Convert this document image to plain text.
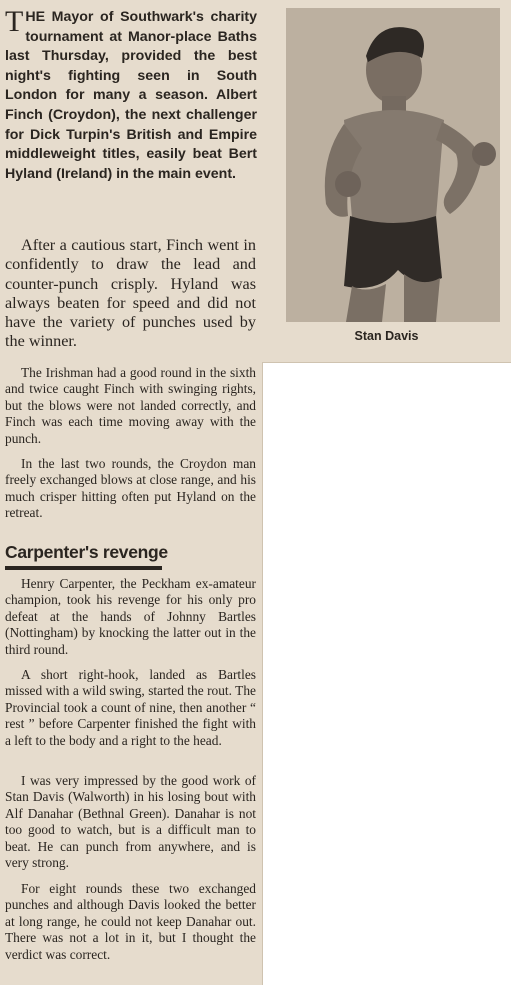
THE Mayor of Southwark's charity tournament at Manor-place Baths last Thursday, provided the best night's fighting seen in South London for many a season. Albert Finch (Croydon), the next challenger for Dick Turpin's British and Empire middleweight titles, easily beat Bert Hyland (Ireland) in the main event.

After a cautious start, Finch went in confidently to draw the lead and counter-punch crisply. Hyland was always beaten for speed and did not have the variety of punches used by the winner.

The Irishman had a good round in the sixth and twice caught Finch with swinging rights, but the blows were not landed correctly, and Finch was each time moving away with the punch.

In the last two rounds, the Croydon man freely exchanged blows at close range, and his much crisper hitting often put Hyland on the retreat.

Carpenter's revenge

Henry Carpenter, the Peckham ex-amateur champion, took his revenge for his only pro defeat at the hands of Johnny Bartles (Nottingham) by knocking the latter out in the third round.

A short right-hook, landed as Bartles missed with a wild swing, started the rout. The Provincial took a count of nine, then another “ rest ” before Carpenter finished the fight with a left to the body and a right to the head.

I was very impressed by the good work of Stan Davis (Walworth) in his losing bout with Alf Danahar (Bethnal Green). Danahar is not too good to watch, but is a difficult man to beat. He can punch from anywhere, and is very strong.

For eight rounds these two exchanged punches and although Davis looked the better at long range, he could not keep Danahar out. There was not a lot in it, but I thought the verdict was correct.

Stan Davis
